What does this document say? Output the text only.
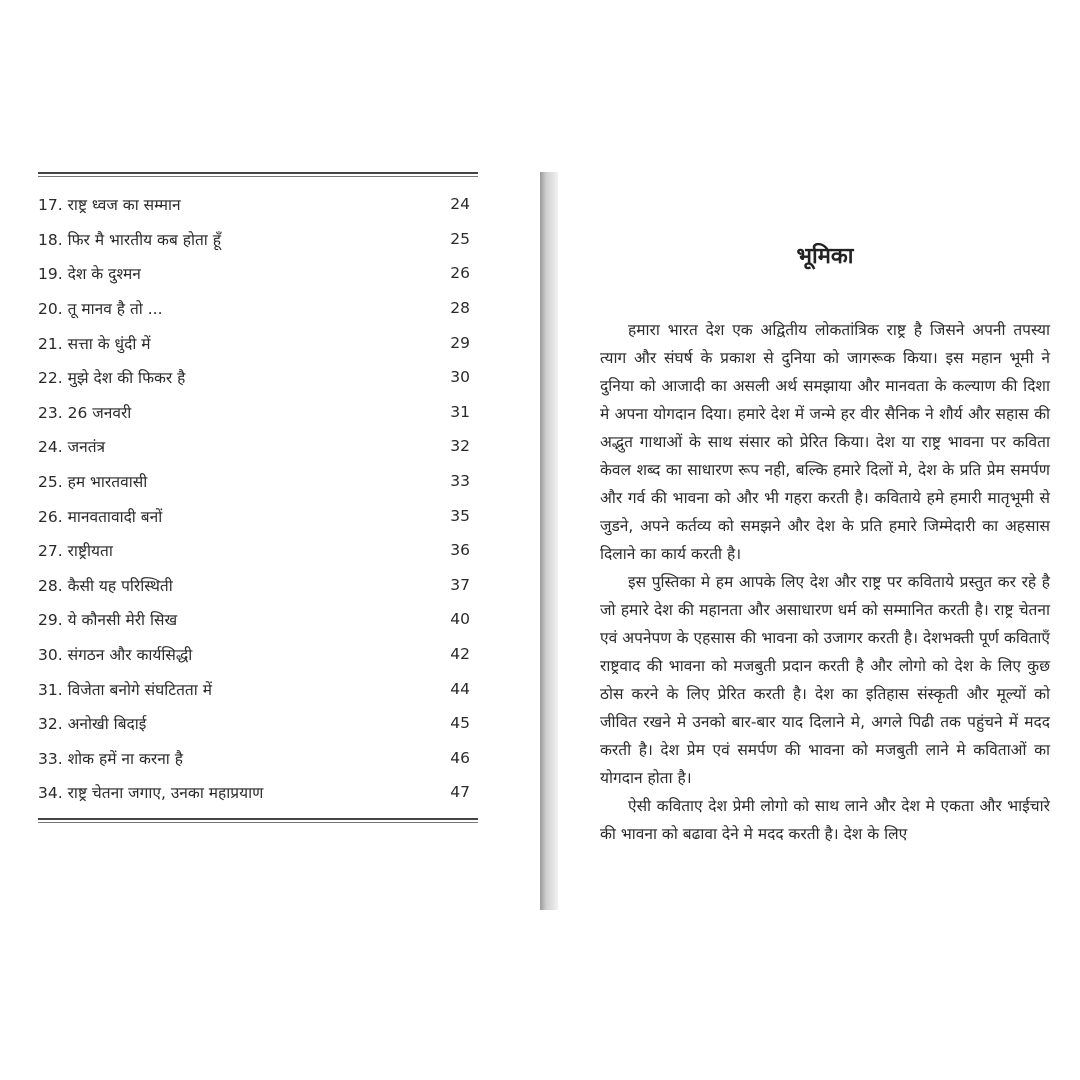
17. राष्ट्र ध्वज का सम्मान	24
18. फिर मै भारतीय कब होता हूँ	25
19. देश के दुश्मन	26
20. तू मानव है तो ...	28
21. सत्ता के धुंदी में	29
22. मुझे देश की फिकर है	30
23. 26 जनवरी	31
24. जनतंत्र	32
25. हम भारतवासी	33
26. मानवतावादी बनों	35
27. राष्ट्रीयता	36
28. कैसी यह परिस्थिती	37
29. ये कौनसी मेरी सिख	40
30. संगठन और कार्यसिद्धी	42
31. विजेता बनोगे संघटितता में	44
32. अनोखी बिदाई	45
33. शोक हमें ना करना है	46
34. राष्ट्र चेतना जगाए, उनका महाप्रयाण	47
भूमिका

हमारा भारत देश एक अद्वितीय लोकतांत्रिक राष्ट्र है जिसने अपनी तपस्या त्याग और संघर्ष के प्रकाश से दुनिया को जागरूक किया। इस महान भूमी ने दुनिया को आजादी का असली अर्थ समझाया और मानवता के कल्याण की दिशा मे अपना योगदान दिया। हमारे देश में जन्मे हर वीर सैनिक ने शौर्य और सहास की अद्भुत गाथाओं के साथ संसार को प्रेरित किया। देश या राष्ट्र भावना पर कविता केवल शब्द का साधारण रूप नही, बल्कि हमारे दिलों मे, देश के प्रति प्रेम समर्पण और गर्व की भावना को और भी गहरा करती है। कविताये हमे हमारी मातृभूमी से जुडने, अपने कर्तव्य को समझने और देश के प्रति हमारे जिम्मेदारी का अहसास दिलाने का कार्य करती है।

इस पुस्तिका मे हम आपके लिए देश और राष्ट्र पर कविताये प्रस्तुत कर रहे है जो हमारे देश की महानता और असाधारण धर्म को सम्मानित करती है। राष्ट्र चेतना एवं अपनेपण के एहसास की भावना को उजागर करती है। देशभक्ती पूर्ण कविताएँ राष्ट्रवाद की भावना को मजबुती प्रदान करती है और लोगो को देश के लिए कुछ ठोस करने के लिए प्रेरित करती है। देश का इतिहास संस्कृती और मूल्यों को जीवित रखने मे उनको बार-बार याद दिलाने मे, अगले पिढी तक पहुंचने में मदद करती है। देश प्रेम एवं समर्पण की भावना को मजबुती लाने मे कविताओं का योगदान होता है।

ऐसी कविताए देश प्रेमी लोगो को साथ लाने और देश मे एकता और भाईचारे की भावना को बढावा देने मे मदद करती है। देश के लिए
